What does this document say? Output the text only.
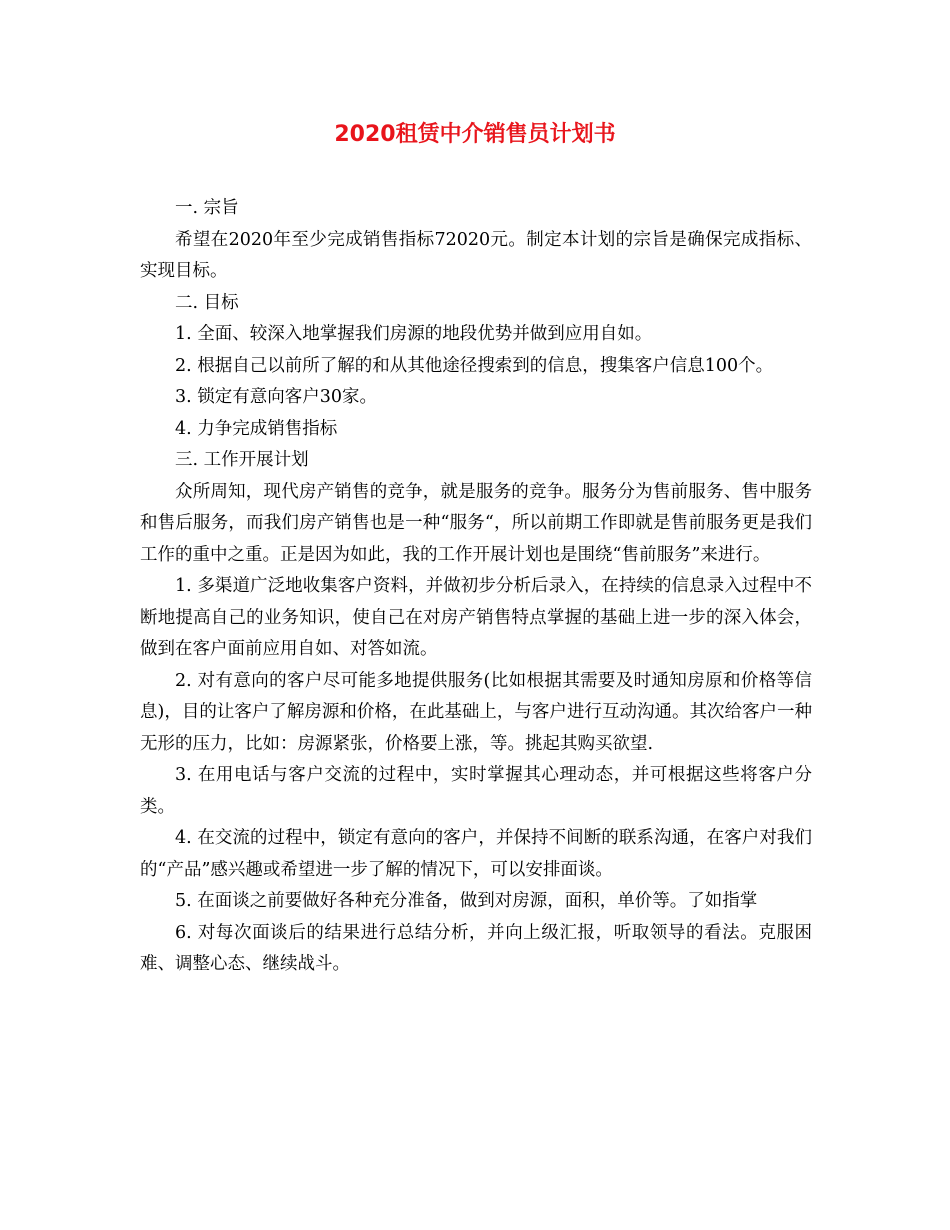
2020租赁中介销售员计划书

一. 宗旨

希望在2020年至少完成销售指标72020元。制定本计划的宗旨是确保完成指标、实现目标。

二. 目标

1. 全面、较深入地掌握我们房源的地段优势并做到应用自如。

2. 根据自己以前所了解的和从其他途径搜索到的信息，搜集客户信息100个。

3. 锁定有意向客户30家。

4. 力争完成销售指标

三. 工作开展计划

众所周知，现代房产销售的竞争，就是服务的竞争。服务分为售前服务、售中服务和售后服务，而我们房产销售也是一种“服务“，所以前期工作即就是售前服务更是我们工作的重中之重。正是因为如此，我的工作开展计划也是围绕“售前服务”来进行。

1. 多渠道广泛地收集客户资料，并做初步分析后录入，在持续的信息录入过程中不断地提高自己的业务知识，使自己在对房产销售特点掌握的基础上进一步的深入体会，做到在客户面前应用自如、对答如流。

2. 对有意向的客户尽可能多地提供服务(比如根据其需要及时通知房原和价格等信息)，目的让客户了解房源和价格，在此基础上，与客户进行互动沟通。其次给客户一种无形的压力，比如：房源紧张，价格要上涨，等。挑起其购买欲望.

3. 在用电话与客户交流的过程中，实时掌握其心理动态，并可根据这些将客户分类。

4. 在交流的过程中，锁定有意向的客户，并保持不间断的联系沟通，在客户对我们的“产品”感兴趣或希望进一步了解的情况下，可以安排面谈。

5. 在面谈之前要做好各种充分准备，做到对房源，面积，单价等。了如指掌

6. 对每次面谈后的结果进行总结分析，并向上级汇报，听取领导的看法。克服困难、调整心态、继续战斗。
